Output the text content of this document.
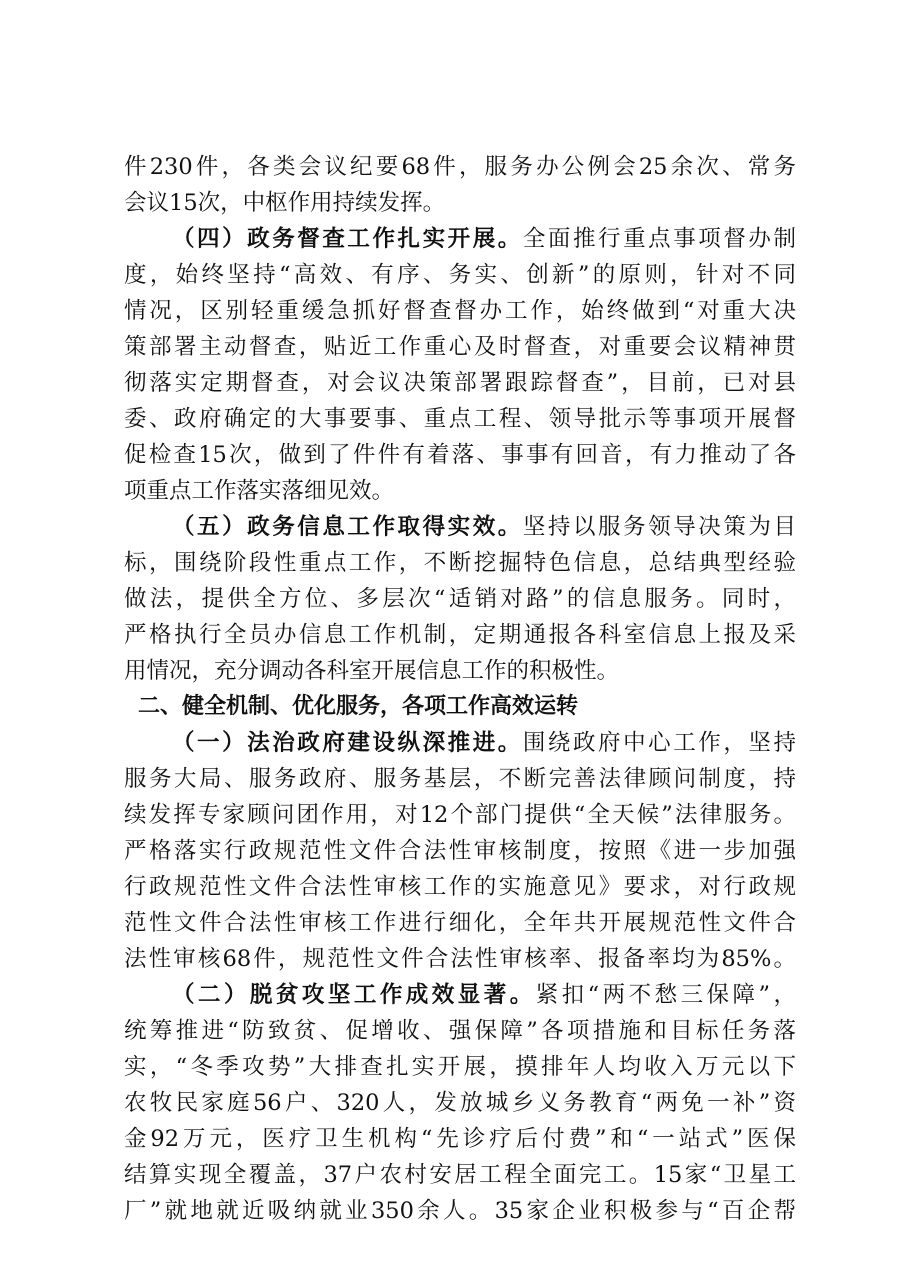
件230件，各类会议纪要68件，服务办公例会25余次、常务
会议15次，中枢作用持续发挥。
（四）政务督查工作扎实开展。全面推行重点事项督办制
度，始终坚持“高效、有序、务实、创新”的原则，针对不同
情况，区别轻重缓急抓好督查督办工作，始终做到“对重大决
策部署主动督查，贴近工作重心及时督查，对重要会议精神贯
彻落实定期督查，对会议决策部署跟踪督查”，目前，已对县
委、政府确定的大事要事、重点工程、领导批示等事项开展督
促检查15次，做到了件件有着落、事事有回音，有力推动了各
项重点工作落实落细见效。
（五）政务信息工作取得实效。坚持以服务领导决策为目
标，围绕阶段性重点工作，不断挖掘特色信息，总结典型经验
做法，提供全方位、多层次“适销对路”的信息服务。同时，
严格执行全员办信息工作机制，定期通报各科室信息上报及采
用情况，充分调动各科室开展信息工作的积极性。
二、健全机制、优化服务，各项工作高效运转
（一）法治政府建设纵深推进。围绕政府中心工作，坚持
服务大局、服务政府、服务基层，不断完善法律顾问制度，持
续发挥专家顾问团作用，对12个部门提供“全天候”法律服务。
严格落实行政规范性文件合法性审核制度，按照《进一步加强
行政规范性文件合法性审核工作的实施意见》要求，对行政规
范性文件合法性审核工作进行细化，全年共开展规范性文件合
法性审核68件，规范性文件合法性审核率、报备率均为85%。
（二）脱贫攻坚工作成效显著。紧扣“两不愁三保障”，
统筹推进“防致贫、促增收、强保障”各项措施和目标任务落
实，“冬季攻势”大排查扎实开展，摸排年人均收入万元以下
农牧民家庭56户、320人，发放城乡义务教育“两免一补”资
金92万元，医疗卫生机构“先诊疗后付费”和“一站式”医保
结算实现全覆盖，37户农村安居工程全面完工。15家“卫星工
厂”就地就近吸纳就业350余人。35家企业积极参与“百企帮
